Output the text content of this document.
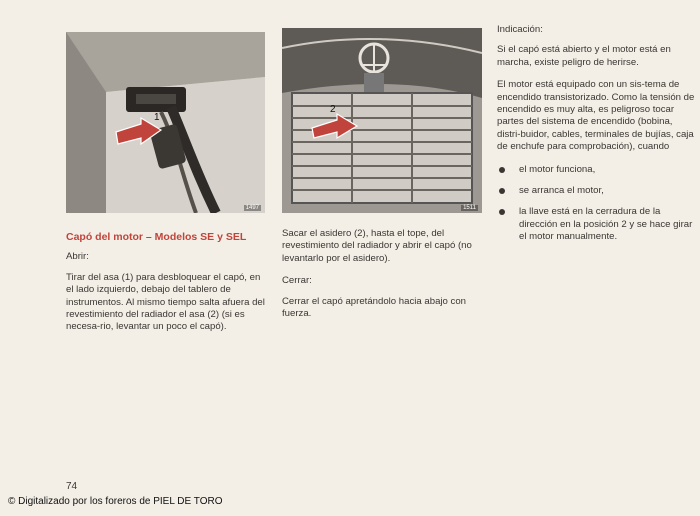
1
1497
2
1511
Capó del motor – Modelos SE y SEL
Abrir:

Tirar del asa (1) para desbloquear el capó, en el lado izquierdo, debajo del tablero de instrumentos. Al mismo tiempo salta afuera del revestimiento del radiador el asa (2) (si es necesa-rio, levantar un poco el capó).

Sacar el asidero (2), hasta el tope, del revestimiento del radiador y abrir el capó (no levantarlo por el asidero).

Cerrar:

Cerrar el capó apretándolo hacia abajo con fuerza.

Indicación:

Si el capó está abierto y el motor está en marcha, existe peligro de herirse.

El motor está equipado con un sis-tema de encendido transistorizado. Como la tensión de encendido es muy alta, es peligroso tocar partes del sistema de encendido (bobina, distri-buidor, cables, terminales de bujías, caja de enchufe para comprobación), cuando

el motor funciona,
se arranca el motor,
la llave está en la cerradura de la dirección en la posición 2 y se hace girar el motor manualmente.
74
© Digitalizado por los foreros de PIEL DE TORO
